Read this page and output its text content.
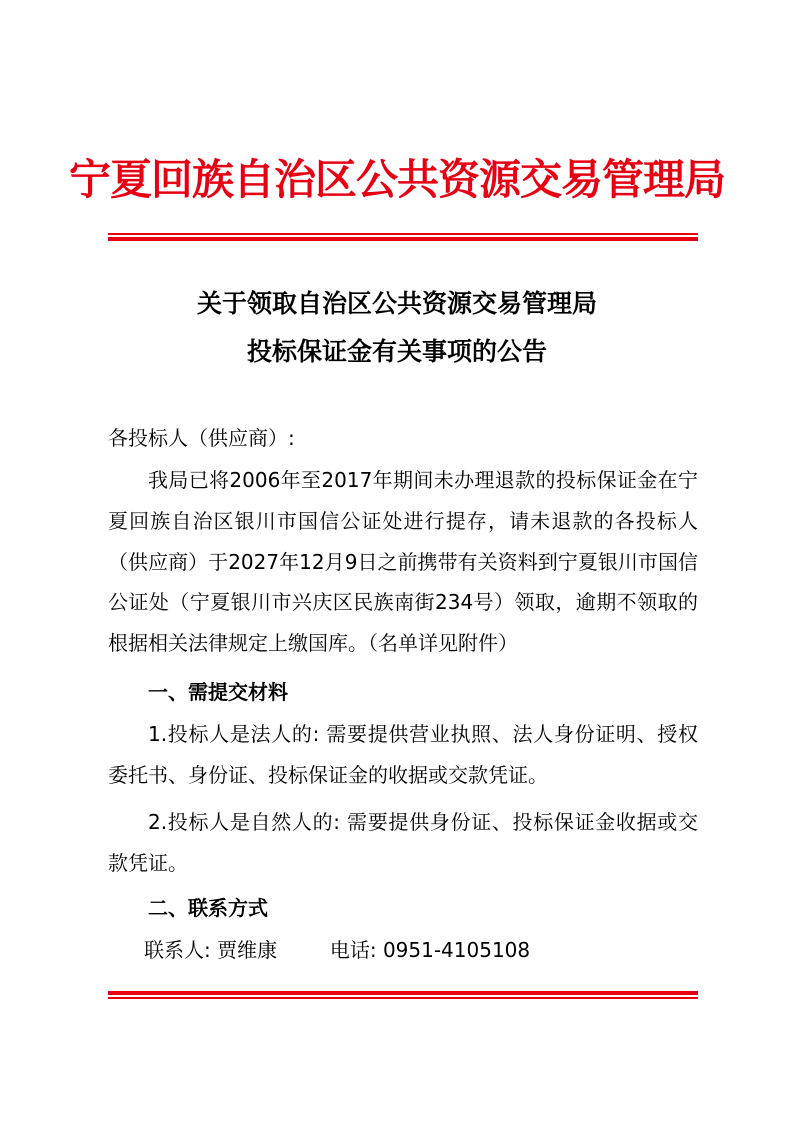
宁夏回族自治区公共资源交易管理局
关于领取自治区公共资源交易管理局
投标保证金有关事项的公告
各投标人（供应商）:
我局已将2006年至2017年期间未办理退款的投标保证金在宁夏回族自治区银川市国信公证处进行提存，请未退款的各投标人（供应商）于2027年12月9日之前携带有关资料到宁夏银川市国信公证处（宁夏银川市兴庆区民族南街234号）领取，逾期不领取的根据相关法律规定上缴国库。（名单详见附件）
一、需提交材料
1.投标人是法人的: 需要提供营业执照、法人身份证明、授权委托书、身份证、投标保证金的收据或交款凭证。
2.投标人是自然人的: 需要提供身份证、投标保证金收据或交款凭证。
二、联系方式
联系人: 贾维康	电话: 0951-4105108
